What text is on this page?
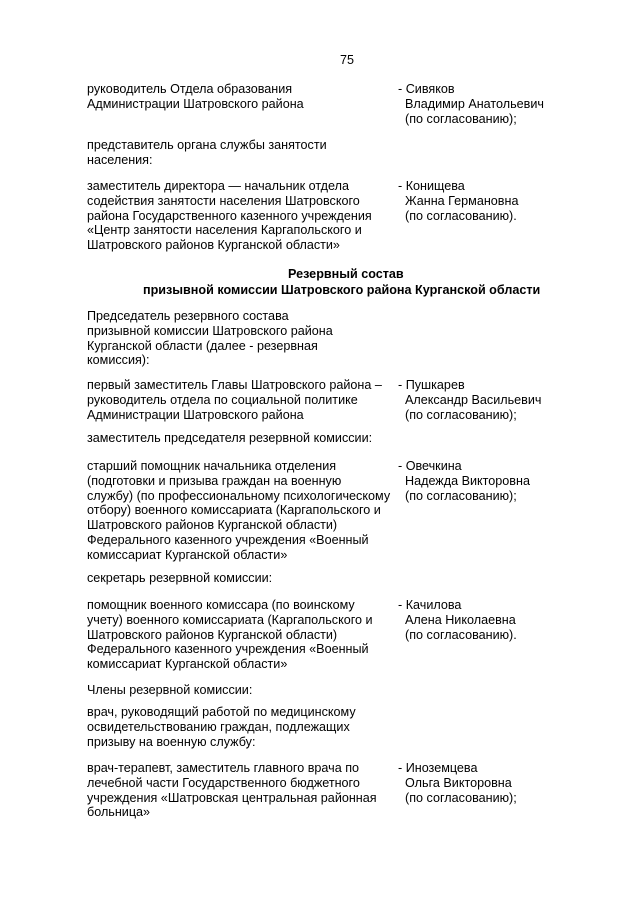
75
руководитель Отдела образования
Администрации Шатровского района
- Сивяков
Владимир Анатольевич
(по согласованию);
представитель органа службы занятости
населения:
заместитель директора — начальник отдела
содействия занятости населения Шатровского
района Государственного казенного учреждения
«Центр занятости населения Каргапольского и
Шатровского районов Курганской области»
- Конищева
Жанна Германовна
(по согласованию).
Резервный состав
призывной комиссии Шатровского района Курганской области
Председатель резервного состава
призывной комиссии Шатровского района
Курганской области (далее - резервная
комиссия):
первый заместитель Главы Шатровского района –
руководитель отдела по социальной политике
Администрации Шатровского района
- Пушкарев
Александр Васильевич
(по согласованию);
заместитель председателя резервной комиссии:
старший помощник начальника отделения
(подготовки и призыва граждан на военную
службу) (по профессиональному психологическому
отбору) военного комиссариата (Каргапольского и
Шатровского районов Курганской области)
Федерального казенного учреждения «Военный
комиссариат Курганской области»
- Овечкина
Надежда Викторовна
(по согласованию);
секретарь резервной комиссии:
помощник военного комиссара (по воинскому
учету) военного комиссариата (Каргапольского и
Шатровского районов Курганской области)
Федерального казенного учреждения «Военный
комиссариат Курганской области»
- Качилова
Алена Николаевна
(по согласованию).
Члены резервной комиссии:
врач, руководящий работой по медицинскому
освидетельствованию граждан, подлежащих
призыву на военную службу:
врач-терапевт, заместитель главного врача по
лечебной части Государственного бюджетного
учреждения «Шатровская центральная районная
больница»
- Иноземцева
Ольга Викторовна
(по согласованию);
